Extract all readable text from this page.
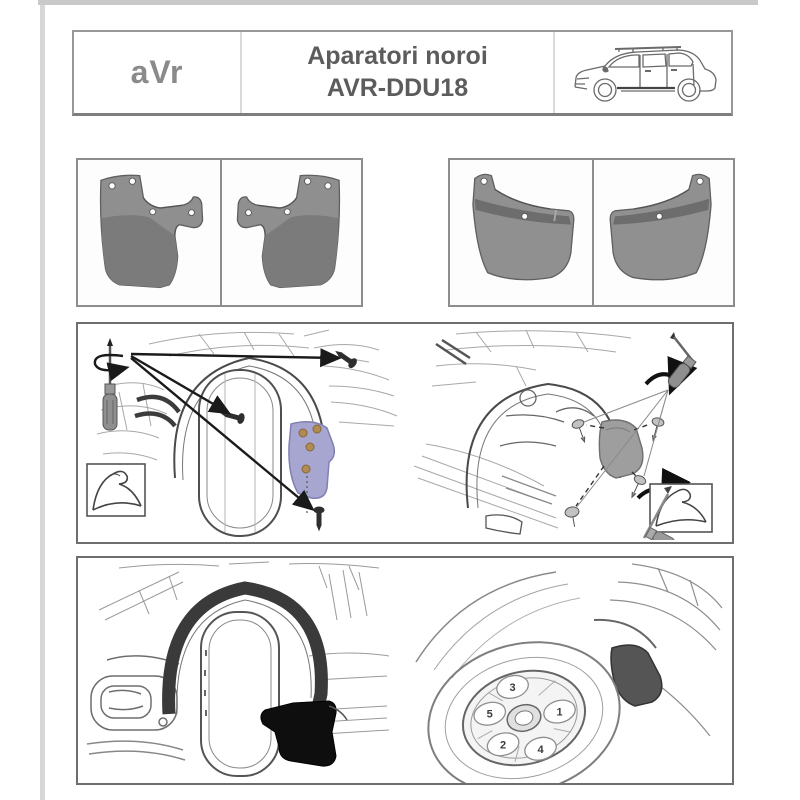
aVr	Aparatori noroi
AVR-DDU18
1
3
5
2	4
